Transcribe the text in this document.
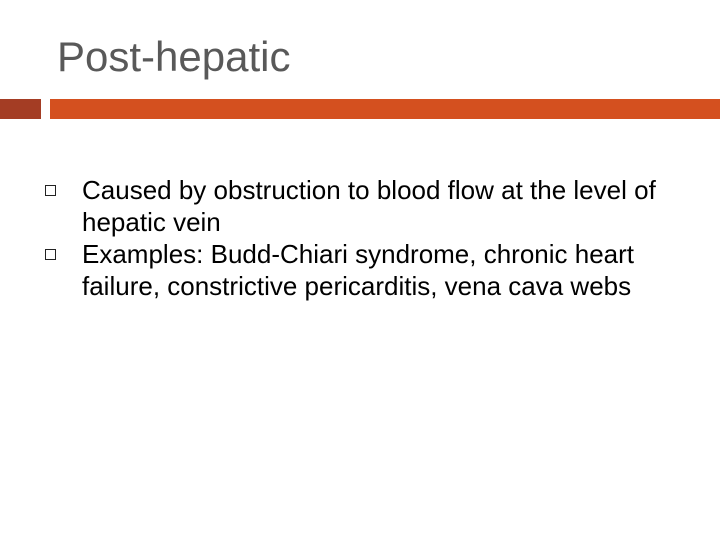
Post-hepatic
Caused by obstruction to blood flow at the level of hepatic vein
Examples: Budd-Chiari syndrome, chronic heart failure, constrictive pericarditis, vena cava webs
